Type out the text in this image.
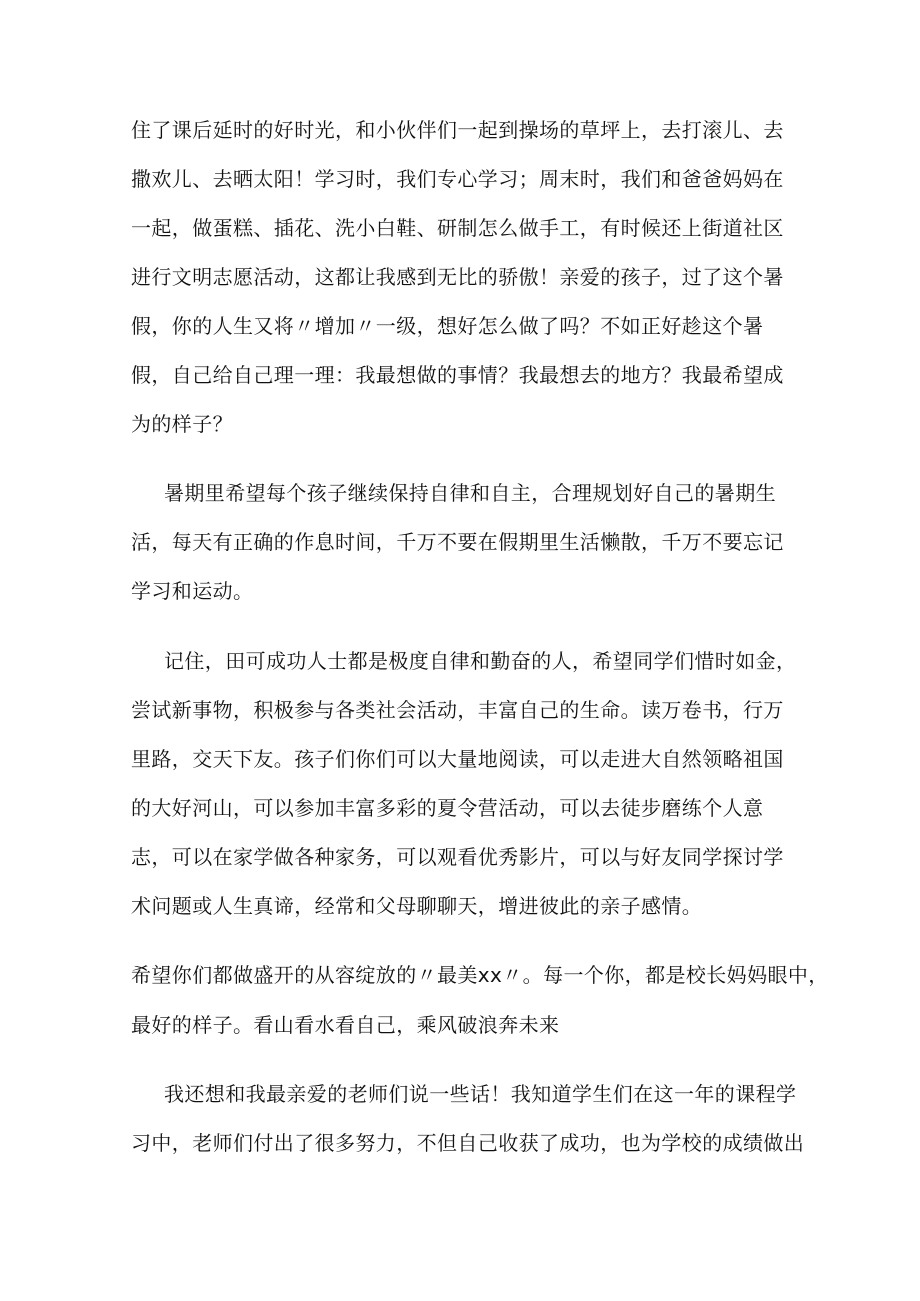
住了课后延时的好时光，和小伙伴们一起到操场的草坪上，去打滚儿、去
撒欢儿、去晒太阳！学习时，我们专心学习；周末时，我们和爸爸妈妈在
一起，做蛋糕、插花、洗小白鞋、研制怎么做手工，有时候还上街道社区
进行文明志愿活动，这都让我感到无比的骄傲！亲爱的孩子，过了这个暑
假，你的人生又将〃增加〃一级，想好怎么做了吗？不如正好趁这个暑
假，自己给自己理一理：我最想做的事情？我最想去的地方？我最希望成
为的样子？
暑期里希望每个孩子继续保持自律和自主，合理规划好自己的暑期生
活，每天有正确的作息时间，千万不要在假期里生活懒散，千万不要忘记
学习和运动。
记住，田可成功人士都是极度自律和勤奋的人，希望同学们惜时如金，
尝试新事物，积极参与各类社会活动，丰富自己的生命。读万卷书，行万
里路，交天下友。孩子们你们可以大量地阅读，可以走进大自然领略祖国
的大好河山，可以参加丰富多彩的夏令营活动，可以去徒步磨练个人意
志，可以在家学做各种家务，可以观看优秀影片，可以与好友同学探讨学
术问题或人生真谛，经常和父母聊聊天，增进彼此的亲子感情。
希望你们都做盛开的从容绽放的〃最美xx〃。每一个你，都是校长妈妈眼中，
最好的样子。看山看水看自己，乘风破浪奔未来
我还想和我最亲爱的老师们说一些话！我知道学生们在这一年的课程学
习中，老师们付出了很多努力，不但自己收获了成功，也为学校的成绩做出
